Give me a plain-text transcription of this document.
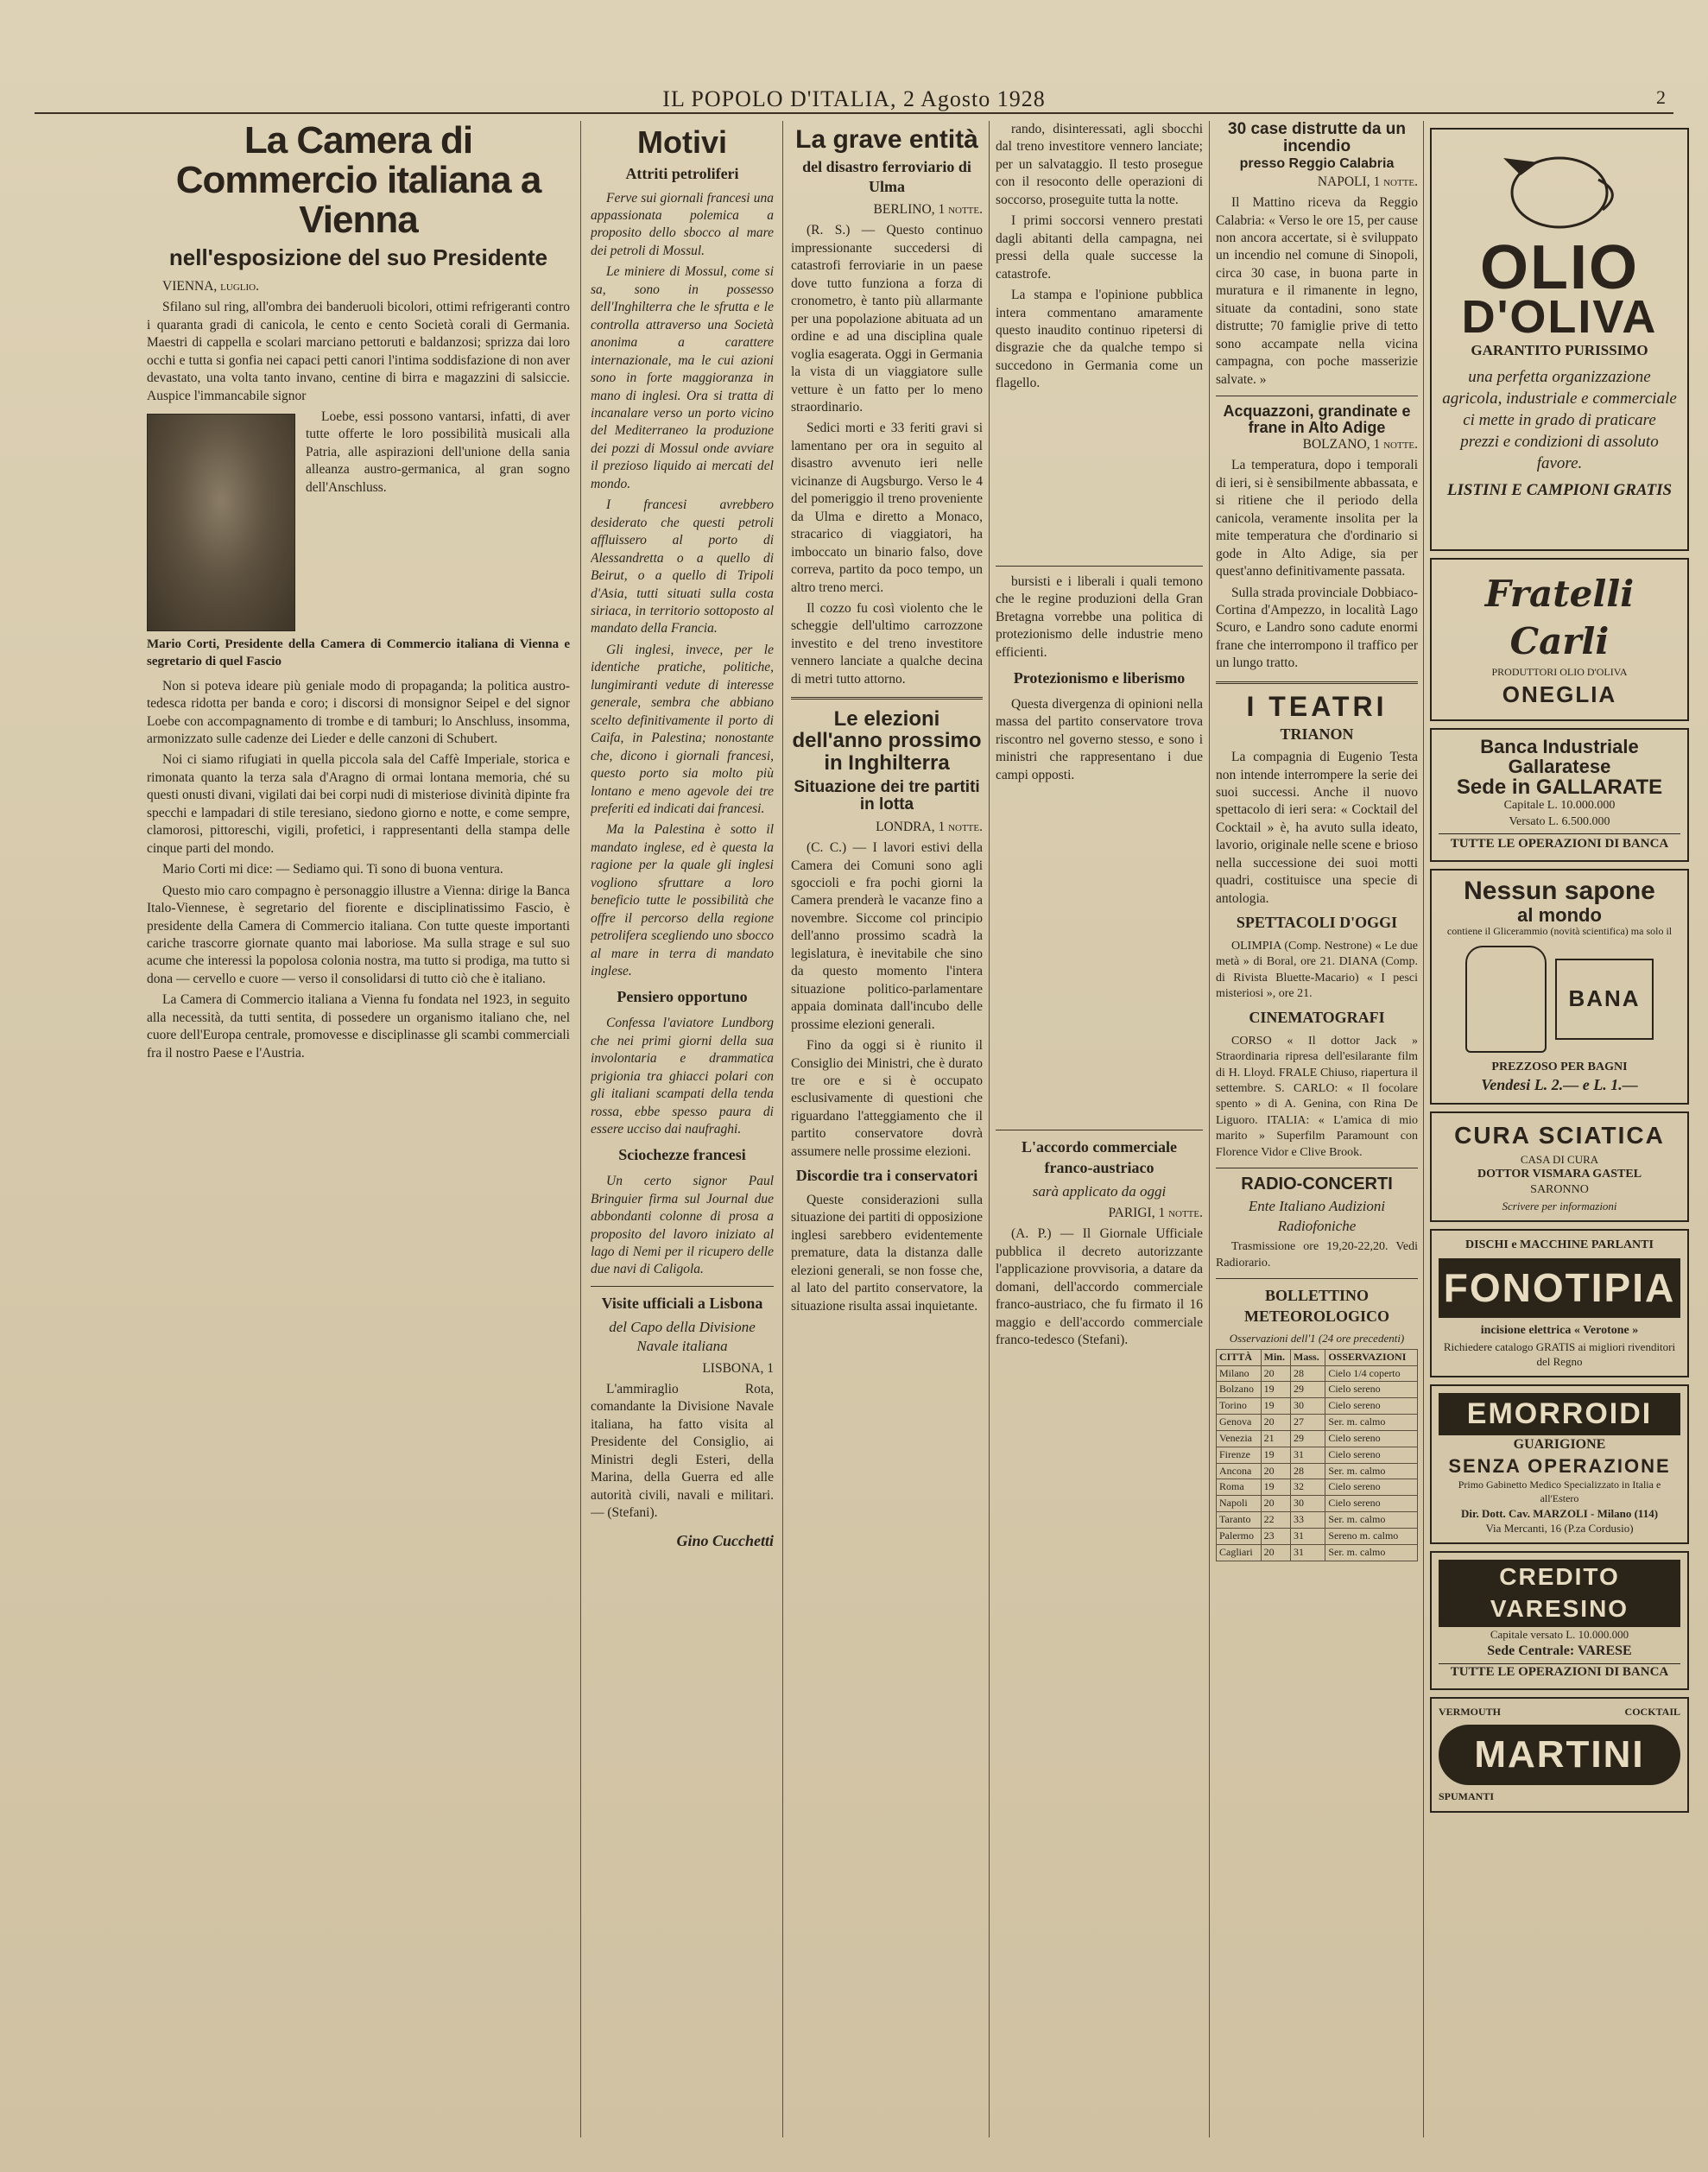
IL POPOLO D'ITALIA, 2 Agosto 1928	2
La Camera di Commercio italiana a Vienna
nell'esposizione del suo Presidente

VIENNA, luglio.

Sfilano sul ring, all'ombra dei banderuoli bicolori, ottimi refrigeranti contro i quaranta gradi di canicola, le cento e cento Società corali di Germania. Maestri di cappella e scolari marciano pettoruti e baldanzosi; sprizza dai loro occhi e tutta si gonfia nei capaci petti canori l'intima soddisfazione di non aver devastato, una volta tanto invano, centine di birra e magazzini di salsiccie. Auspice l'immancabile signor

Loebe, essi possono vantarsi, infatti, di aver tutte offerte le loro possibilità musicali alla Patria, alle aspirazioni dell'unione della sania alleanza austro-germanica, al gran sogno dell'Anschluss.

Mario Corti, Presidente della Camera di Commercio italiana di Vienna e segretario di quel Fascio

Non si poteva ideare più geniale modo di propaganda; la politica austro-tedesca ridotta per banda e coro; i discorsi di monsignor Seipel e del signor Loebe con accompagnamento di trombe e di tamburi; lo Anschluss, insomma, armonizzato sulle cadenze dei Lieder e delle canzoni di Schubert.

Noi ci siamo rifugiati in quella piccola sala del Caffè Imperiale, storica e rimonata quanto la terza sala d'Aragno di ormai lontana memoria, ché su questi onusti divani, vigilati dai bei corpi nudi di misteriose divinità dipinte fra specchi e lampadari di stile teresiano, siedono giorno e notte, e come sempre, clamorosi, pittoreschi, vigili, profetici, i rappresentanti della stampa delle cinque parti del mondo.

Mario Corti mi dice: — Sediamo qui. Ti sono di buona ventura.

Questo mio caro compagno è personaggio illustre a Vienna: dirige la Banca Italo-Viennese, è segretario del fiorente e disciplinatissimo Fascio, è presidente della Camera di Commercio italiana. Con tutte queste importanti cariche trascorre giornate quanto mai laboriose. Ma sulla strage e sul suo acume che interessi la popolosa colonia nostra, ma tutto si prodiga, ma tutto si dona — cervello e cuore — verso il consolidarsi di tutto ciò che è italiano.

La Camera di Commercio italiana a Vienna fu fondata nel 1923, in seguito alla necessità, da tutti sentita, di possedere un organismo italiano che, nel cuore dell'Europa centrale, promovesse e disciplinasse gli scambi commerciali fra il nostro Paese e l'Austria.

Motivi
Attriti petroliferi

Ferve sui giornali francesi una appassionata polemica a proposito dello sbocco al mare dei petroli di Mossul.

Le miniere di Mossul, come si sa, sono in possesso dell'Inghilterra che le sfrutta e le controlla attraverso una Società anonima a carattere internazionale, ma le cui azioni sono in forte maggioranza in mano di inglesi. Ora si tratta di incanalare verso un porto vicino del Mediterraneo la produzione dei pozzi di Mossul onde avviare il prezioso liquido ai mercati del mondo.

I francesi avrebbero desiderato che questi petroli affluissero al porto di Alessandretta o a quello di Beirut, o a quello di Tripoli d'Asia, tutti situati sulla costa siriaca, in territorio sottoposto al mandato della Francia.

Gli inglesi, invece, per le identiche pratiche, politiche, lungimiranti vedute di interesse generale, sembra che abbiano scelto definitivamente il porto di Caifa, in Palestina; nonostante che, dicono i giornali francesi, questo porto sia molto più lontano e meno agevole dei tre preferiti ed indicati dai francesi.

Ma la Palestina è sotto il mandato inglese, ed è questa la ragione per la quale gli inglesi vogliono sfruttare a loro beneficio tutte le possibilità che offre il percorso della regione petrolifera scegliendo uno sbocco al mare in terra di mandato inglese.

Pensiero opportuno

Confessa l'aviatore Lundborg che nei primi giorni della sua involontaria e drammatica prigionia tra ghiacci polari con gli italiani scampati della tenda rossa, ebbe spesso paura di essere ucciso dai naufraghi.

Sciochezze francesi

Un certo signor Paul Bringuier firma sul Journal due abbondanti colonne di prosa a proposito del lavoro iniziato al lago di Nemi per il ricupero delle due navi di Caligola.

Visite ufficiali a Lisbona
del Capo della Divisione Navale italiana

LISBONA, 1

L'ammiraglio Rota, comandante la Divisione Navale italiana, ha fatto visita al Presidente del Consiglio, ai Ministri degli Esteri, della Marina, della Guerra ed alle autorità civili, navali e militari. — (Stefani).

Gino Cucchetti
La grave entità
del disastro ferroviario di Ulma

BERLINO, 1 notte.

(R. S.) — Questo continuo impressionante succedersi di catastrofi ferroviarie in un paese dove tutto funziona a forza di cronometro, è tanto più allarmante per una popolazione abituata ad un ordine e ad una disciplina quale voglia esagerata. Oggi in Germania la vista di un viaggiatore sulle vetture è un fatto per lo meno straordinario.

Sedici morti e 33 feriti gravi si lamentano per ora in seguito al disastro avvenuto ieri nelle vicinanze di Augsburgo. Verso le 4 del pomeriggio il treno proveniente da Ulma e diretto a Monaco, stracarico di viaggiatori, ha imboccato un binario falso, dove correva, partito da poco tempo, un altro treno merci.

Il cozzo fu così violento che le scheggie dell'ultimo carrozzone investito e del treno investitore vennero lanciate a qualche decina di metri tutto attorno.

Le elezioni dell'anno prossimo in Inghilterra
Situazione dei tre partiti in lotta

LONDRA, 1 notte.

(C. C.) — I lavori estivi della Camera dei Comuni sono agli sgoccioli e fra pochi giorni la Camera prenderà le vacanze fino a novembre. Siccome col principio dell'anno prossimo scadrà la legislatura, è inevitabile che sino da questo momento l'intera situazione politico-parlamentare appaia dominata dall'incubo delle prossime elezioni generali.

Fino da oggi si è riunito il Consiglio dei Ministri, che è durato tre ore e si è occupato esclusivamente di questioni che riguardano l'atteggiamento che il partito conservatore dovrà assumere nelle prossime elezioni.

Discordie tra i conservatori

Queste considerazioni sulla situazione dei partiti di opposizione inglesi sarebbero evidentemente premature, data la distanza dalle elezioni generali, se non fosse che, al lato del partito conservatore, la situazione risulta assai inquietante.

rando, disinteressati, agli sbocchi dal treno investitore vennero lanciate; per un salvataggio. Il testo prosegue con il resoconto delle operazioni di soccorso, proseguite tutta la notte.

I primi soccorsi vennero prestati dagli abitanti della campagna, nei pressi della quale successe la catastrofe.

La stampa e l'opinione pubblica intera commentano amaramente questo inaudito continuo ripetersi di disgrazie che da qualche tempo si succedono in Germania come un flagello.

bursisti e i liberali i quali temono che le regine produzioni della Gran Bretagna vorrebbe una politica di protezionismo delle industrie meno efficienti.

Protezionismo e liberismo

Questa divergenza di opinioni nella massa del partito conservatore trova riscontro nel governo stesso, e sono i ministri che rappresentano i due campi opposti.

L'accordo commerciale franco-austriaco
sarà applicato da oggi

PARIGI, 1 notte.

(A. P.) — Il Giornale Ufficiale pubblica il decreto autorizzante l'applicazione provvisoria, a datare da domani, dell'accordo commerciale franco-austriaco, che fu firmato il 16 maggio e dell'accordo commerciale franco-tedesco (Stefani).

30 case distrutte da un incendio
presso Reggio Calabria

NAPOLI, 1 notte.

Il Mattino riceva da Reggio Calabria: « Verso le ore 15, per cause non ancora accertate, si è sviluppato un incendio nel comune di Sinopoli, circa 30 case, in buona parte in muratura e il rimanente in legno, situate da contadini, sono state distrutte; 70 famiglie prive di tetto sono accampate nella vicina campagna, con poche masserizie salvate. »

Acquazzoni, grandinate e frane in Alto Adige

BOLZANO, 1 notte.

La temperatura, dopo i temporali di ieri, si è sensibilmente abbassata, e si ritiene che il periodo della canicola, veramente insolita per la mite temperatura che d'ordinario si gode in Alto Adige, sia per quest'anno definitivamente passata.

Sulla strada provinciale Dobbiaco-Cortina d'Ampezzo, in località Lago Scuro, e Landro sono cadute enormi frane che interrompono il traffico per un lungo tratto.

I TEATRI
TRIANON

La compagnia di Eugenio Testa non intende interrompere la serie dei suoi successi. Anche il nuovo spettacolo di ieri sera: « Cocktail del Cocktail » è, ha avuto sulla ideato, lavorio, originale nelle scene e brioso nella successione dei suoi motti quadri, costituisce una specie di antologia.

SPETTACOLI D'OGGI

OLIMPIA (Comp. Nestrone) « Le due metà » di Boral, ore 21. DIANA (Comp. di Rivista Bluette-Macario) « I pesci misteriosi », ore 21.

CINEMATOGRAFI

CORSO « Il dottor Jack » Straordinaria ripresa dell'esilarante film di H. Lloyd. FRALE Chiuso, riapertura il settembre. S. CARLO: « Il focolare spento » di A. Genina, con Rina De Liguoro. ITALIA: « L'amica di mio marito » Superfilm Paramount con Florence Vidor e Clive Brook.

RADIO-CONCERTI
Ente Italiano Audizioni Radiofoniche

Trasmissione ore 19,20-22,20. Vedi Radiorario.

BOLLETTINO METEOROLOGICO
Osservazioni dell'1 (24 ore precedenti)
CITTÀ	Min.	Mass.	OSSERVAZIONI
Milano	20	28	Cielo 1/4 coperto
Bolzano	19	29	Cielo sereno
Torino	19	30	Cielo sereno
Genova	20	27	Ser. m. calmo
Venezia	21	29	Cielo sereno
Firenze	19	31	Cielo sereno
Ancona	20	28	Ser. m. calmo
Roma	19	32	Cielo sereno
Napoli	20	30	Cielo sereno
Taranto	22	33	Ser. m. calmo
Palermo	23	31	Sereno m. calmo
Cagliari	20	31	Ser. m. calmo
OLIO
D'OLIVA
GARANTITO PURISSIMO
una perfetta organizzazione agricola, industriale e commerciale ci mette in grado di praticare prezzi e condizioni di assoluto favore.
LISTINI E CAMPIONI GRATIS
Fratelli Carli
PRODUTTORI OLIO D'OLIVA
ONEGLIA
Banca Industriale Gallaratese
Sede in GALLARATE
Capitale L. 10.000.000
Versato L. 6.500.000
TUTTE LE OPERAZIONI DI BANCA
Nessun sapone
al mondo
contiene il Glicerammio (novità scientifica) ma solo il
BANA
PREZZOSO PER BAGNI
Vendesi L. 2.— e L. 1.—
CURA SCIATICA
CASA DI CURA
DOTTOR VISMARA GASTEL
SARONNO
Scrivere per informazioni
DISCHI e MACCHINE PARLANTI
FONOTIPIA
incisione elettrica « Verotone »
Richiedere catalogo GRATIS ai migliori rivenditori del Regno
EMORROIDI
GUARIGIONE
SENZA OPERAZIONE
Primo Gabinetto Medico Specializzato in Italia e all'Estero
Dir. Dott. Cav. MARZOLI - Milano (114)
Via Mercanti, 16 (P.za Cordusio)
CREDITO VARESINO
Capitale versato L. 10.000.000
Sede Centrale: VARESE
TUTTE LE OPERAZIONI DI BANCA
VERMOUTH	COCKTAIL
MARTINI
SPUMANTI
